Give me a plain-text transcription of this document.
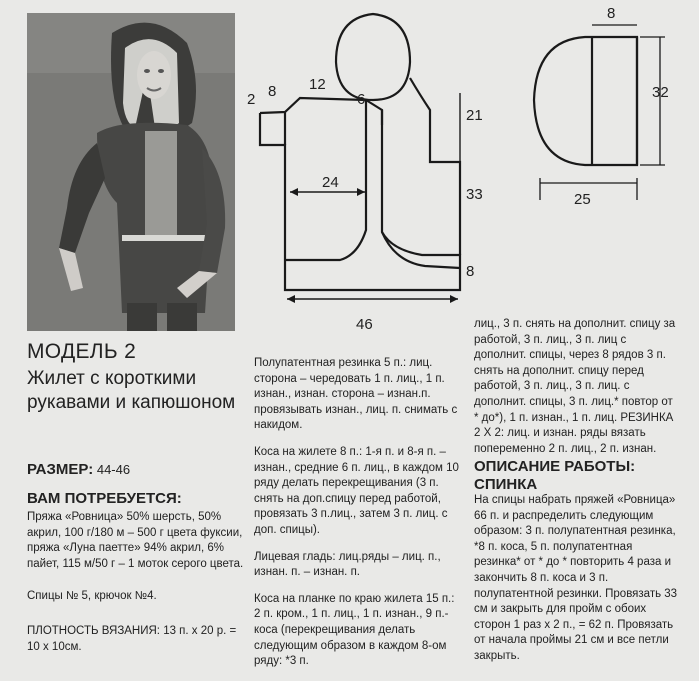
2 8 12
6
21
24
33
8
46
8
32
25
МОДЕЛЬ 2
Жилет с короткими рукавами и капюшоном
РАЗМЕР: 44-46
ВАМ ПОТРЕБУЕТСЯ:
Пряжа «Ровница» 50% шерсть, 50% акрил, 100 г/180 м – 500 г цвета фуксии, пряжа «Луна паетте» 94% акрил, 6% пайет, 115 м/50 г – 1 моток серого цвета.
Спицы № 5, крючок №4.
ПЛОТНОСТЬ ВЯЗАНИЯ: 13 п. х 20 р. = 10 х 10см.

Полупатентная резинка 5 п.: лиц. сторона – чередовать 1 п. лиц., 1 п. изнан., изнан. сторона – изнан.п. провязывать изнан., лиц. п. снимать с накидом.

Коса на жилете 8 п.: 1-я п. и 8-я п. – изнан., средние 6 п. лиц., в каждом 10 ряду делать перекрещивания (3 п. снять на доп.спицу перед работой, провязать 3 п.лиц., затем 3 п. лиц. с доп. спицы).

Лицевая гладь: лиц.ряды – лиц. п., изнан. п. – изнан. п.

Коса на планке по краю жилета 15 п.: 2 п. кром., 1 п. лиц., 1 п. изнан., 9 п.- коса (перекрещивания делать следующим образом в каждом 8-ом ряду: *3 п.

лиц., 3 п. снять на дополнит. спицу за работой, 3 п. лиц., 3 п. лиц с дополнит. спицы, через 8 рядов 3 п. снять на дополнит. спицу перед работой, 3 п. лиц., 3 п. лиц. с дополнит. спицы, 3 п. лиц.* повтор от * до*), 1 п. изнан., 1 п. лиц. РЕЗИНКА 2 Х 2: лиц. и изнан. ряды вязать попеременно 2 п. лиц., 2 п. изнан.

ОПИСАНИЕ РАБОТЫ:
СПИНКА

На спицы набрать пряжей «Ровница» 66 п. и распределить следующим образом: 3 п. полупатентная резинка, *8 п. коса, 5 п. полупатентная резинка* от * до * повторить 4 раза и закончить 8 п. коса и 3 п. полупатентной резинки. Провязать 33 см и закрыть для пройм с обоих сторон 1 раз х 2 п., = 62 п. Провязать от начала проймы 21 см и все петли закрыть.
